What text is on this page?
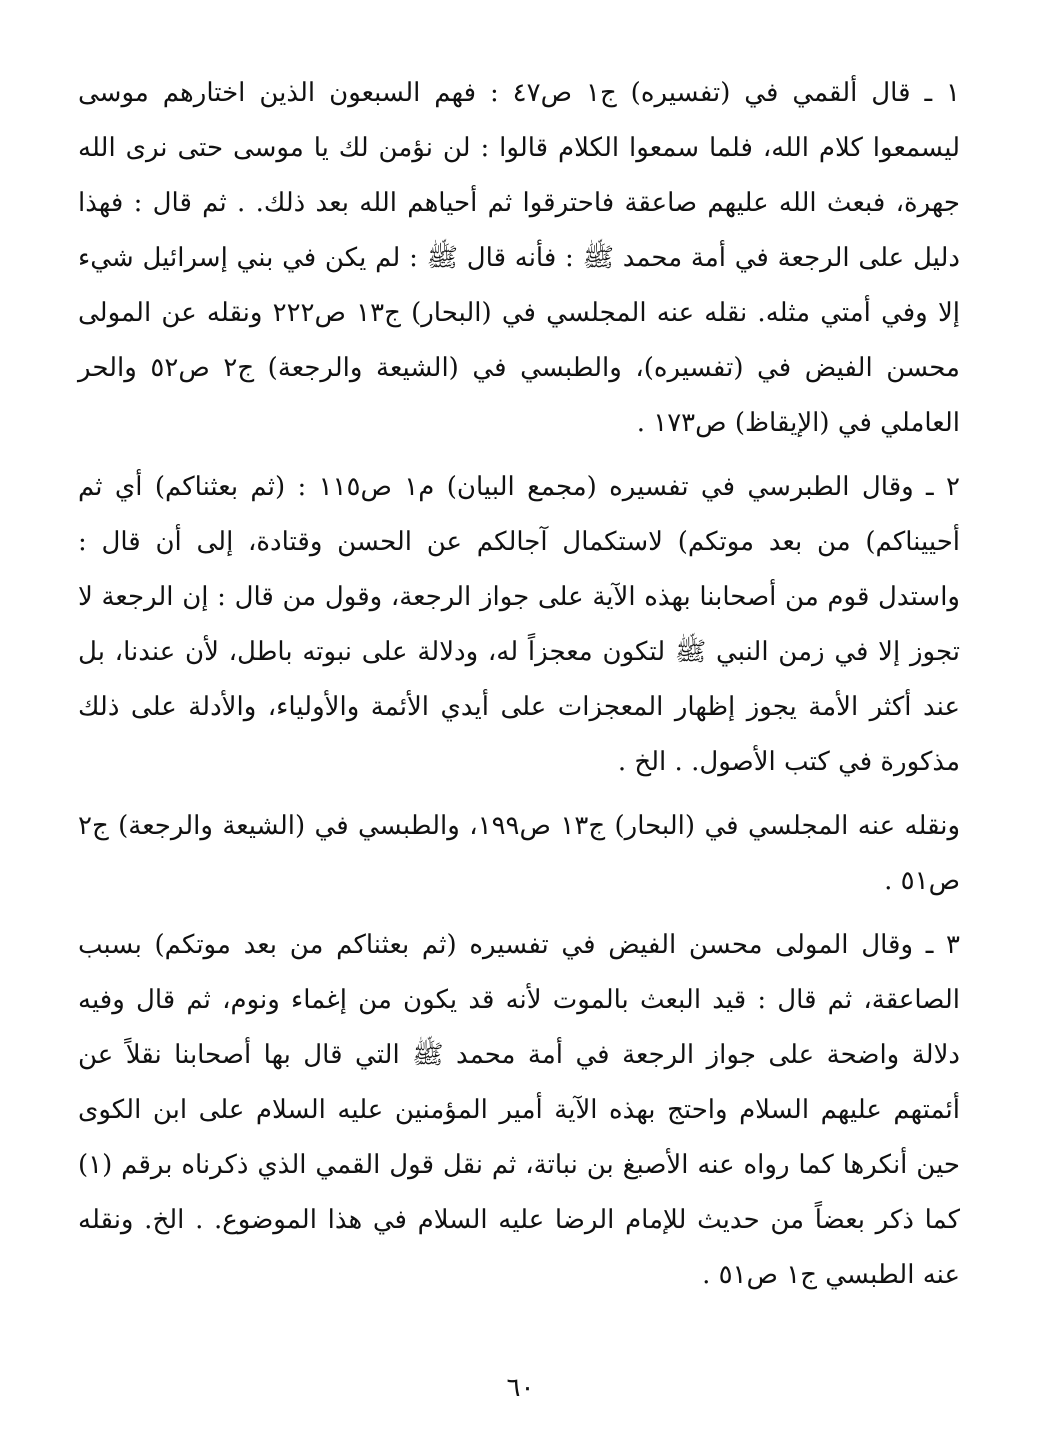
١ ـ قال ألقمي في (تفسيره) ج١ ص٤٧ : فهم السبعون الذين اختارهم موسى ليسمعوا كلام الله، فلما سمعوا الكلام قالوا : لن نؤمن لك يا موسى حتى نرى الله جهرة، فبعث الله عليهم صاعقة فاحترقوا ثم أحياهم الله بعد ذلك. . ثم قال : فهذا دليل على الرجعة في أمة محمد ﷺ : فأنه قال ﷺ : لم يكن في بني إسرائيل شيء إلا وفي أمتي مثله. نقله عنه المجلسي في (البحار) ج١٣ ص٢٢٢ ونقله عن المولى محسن الفيض في (تفسيره)، والطبسي في (الشيعة والرجعة) ج٢ ص٥٢ والحر العاملي في (الإيقاظ) ص١٧٣ .

٢ ـ وقال الطبرسي في تفسيره (مجمع البيان) م١ ص١١٥ : (ثم بعثناكم) أي ثم أحييناكم) من بعد موتكم) لاستكمال آجالكم عن الحسن وقتادة، إلى أن قال : واستدل قوم من أصحابنا بهذه الآية على جواز الرجعة، وقول من قال : إن الرجعة لا تجوز إلا في زمن النبي ﷺ لتكون معجزاً له، ودلالة على نبوته باطل، لأن عندنا، بل عند أكثر الأمة يجوز إظهار المعجزات على أيدي الأئمة والأولياء، والأدلة على ذلك مذكورة في كتب الأصول. . الخ .

ونقله عنه المجلسي في (البحار) ج١٣ ص١٩٩، والطبسي في (الشيعة والرجعة) ج٢ ص٥١ .

٣ ـ وقال المولى محسن الفيض في تفسيره (ثم بعثناكم من بعد موتكم) بسبب الصاعقة، ثم قال : قيد البعث بالموت لأنه قد يكون من إغماء ونوم، ثم قال وفيه دلالة واضحة على جواز الرجعة في أمة محمد ﷺ التي قال بها أصحابنا نقلاً عن أئمتهم عليهم السلام واحتج بهذه الآية أمير المؤمنين عليه السلام على ابن الكوى حين أنكرها كما رواه عنه الأصبغ بن نباتة، ثم نقل قول القمي الذي ذكرناه برقم (١) كما ذكر بعضاً من حديث للإمام الرضا عليه السلام في هذا الموضوع. . الخ. ونقله عنه الطبسي ج١ ص٥١ .

٦٠
